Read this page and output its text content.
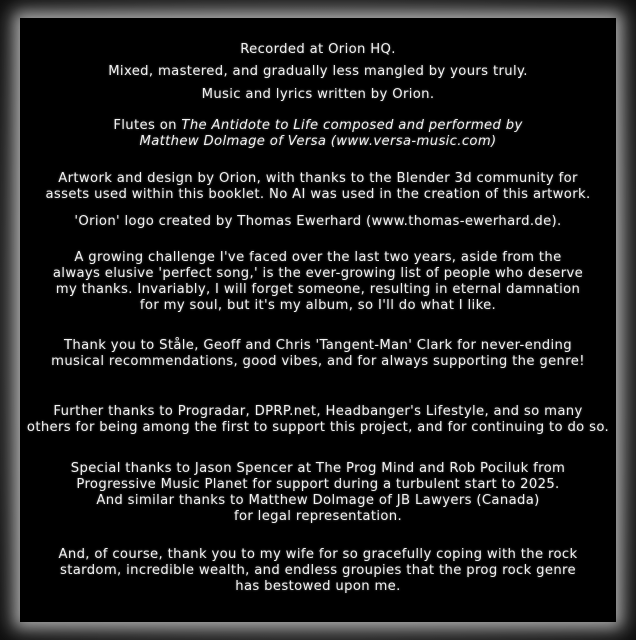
Recorded at Orion HQ.

Mixed, mastered, and gradually less mangled by yours truly.

Music and lyrics written by Orion.

Flutes on The Antidote to Life composed and performed by
Matthew Dolmage of Versa (www.versa-music.com)

Artwork and design by Orion, with thanks to the Blender 3d community for
assets used within this booklet. No AI was used in the creation of this artwork.

'Orion' logo created by Thomas Ewerhard (www.thomas-ewerhard.de).

A growing challenge I've faced over the last two years, aside from the
always elusive 'perfect song,' is the ever-growing list of people who deserve
my thanks. Invariably, I will forget someone, resulting in eternal damnation
for my soul, but it's my album, so I'll do what I like.

Thank you to Ståle, Geoff and Chris 'Tangent-Man' Clark for never-ending
musical recommendations, good vibes, and for always supporting the genre!

Further thanks to Progradar, DPRP.net, Headbanger's Lifestyle, and so many
others for being among the first to support this project, and for continuing to do so.

Special thanks to Jason Spencer at The Prog Mind and Rob Pociluk from
Progressive Music Planet for support during a turbulent start to 2025.
And similar thanks to Matthew Dolmage of JB Lawyers (Canada)
for legal representation.

And, of course, thank you to my wife for so gracefully coping with the rock
stardom, incredible wealth, and endless groupies that the prog rock genre
has bestowed upon me.
